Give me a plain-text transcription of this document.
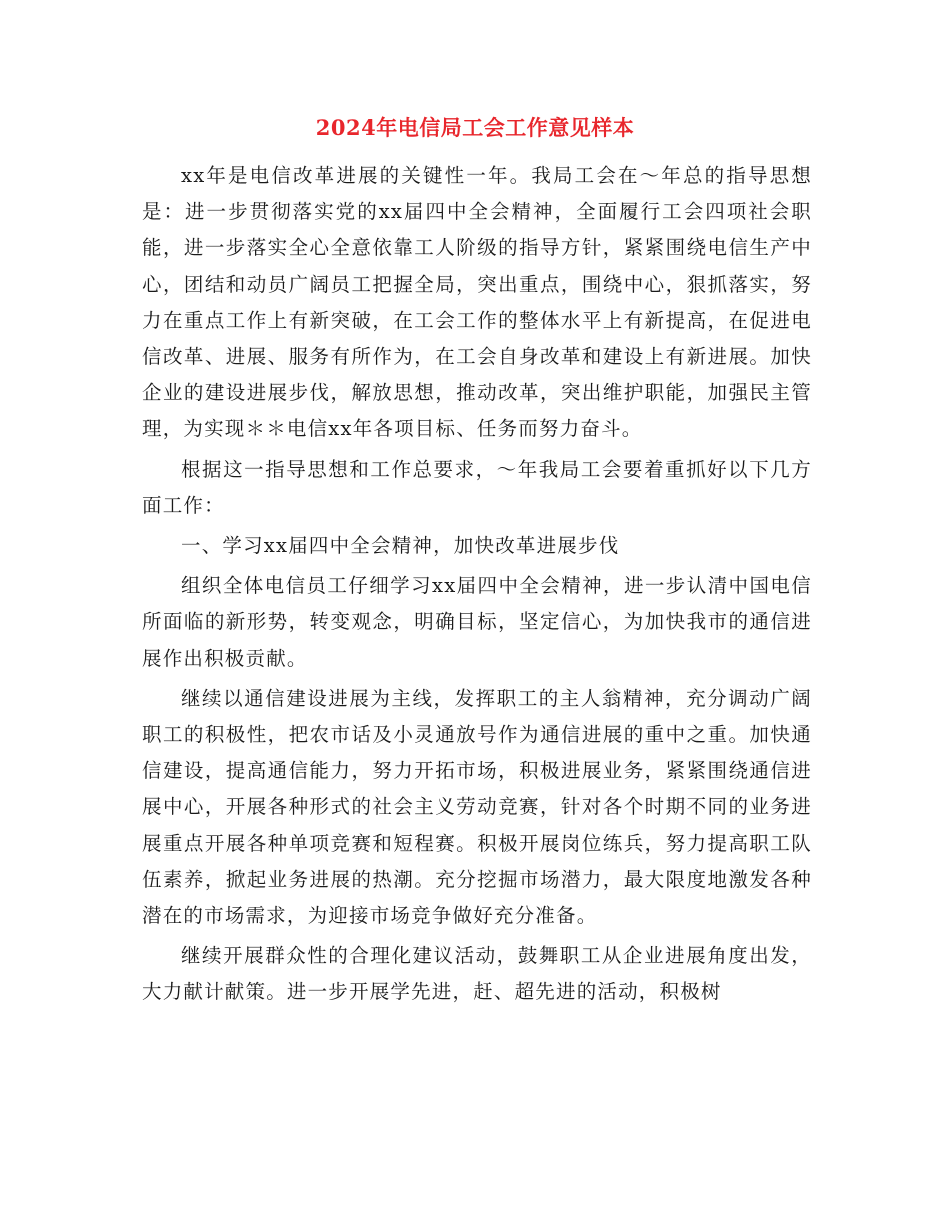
2024年电信局工会工作意见样本

xx年是电信改革进展的关键性一年。我局工会在～年总的指导思想是：进一步贯彻落实党的xx届四中全会精神，全面履行工会四项社会职能，进一步落实全心全意依靠工人阶级的指导方针，紧紧围绕电信生产中心，团结和动员广阔员工把握全局，突出重点，围绕中心，狠抓落实，努力在重点工作上有新突破，在工会工作的整体水平上有新提高，在促进电信改革、进展、服务有所作为，在工会自身改革和建设上有新进展。加快企业的建设进展步伐，解放思想，推动改革，突出维护职能，加强民主管理，为实现＊＊电信xx年各项目标、任务而努力奋斗。

根据这一指导思想和工作总要求，～年我局工会要着重抓好以下几方面工作：

一、学习xx届四中全会精神，加快改革进展步伐

组织全体电信员工仔细学习xx届四中全会精神，进一步认清中国电信所面临的新形势，转变观念，明确目标，坚定信心，为加快我市的通信进展作出积极贡献。

继续以通信建设进展为主线，发挥职工的主人翁精神，充分调动广阔职工的积极性，把农市话及小灵通放号作为通信进展的重中之重。加快通信建设，提高通信能力，努力开拓市场，积极进展业务，紧紧围绕通信进展中心，开展各种形式的社会主义劳动竞赛，针对各个时期不同的业务进展重点开展各种单项竞赛和短程赛。积极开展岗位练兵，努力提高职工队伍素养，掀起业务进展的热潮。充分挖掘市场潜力，最大限度地激发各种潜在的市场需求，为迎接市场竞争做好充分准备。

继续开展群众性的合理化建议活动，鼓舞职工从企业进展角度出发，大力献计献策。进一步开展学先进，赶、超先进的活动，积极树
